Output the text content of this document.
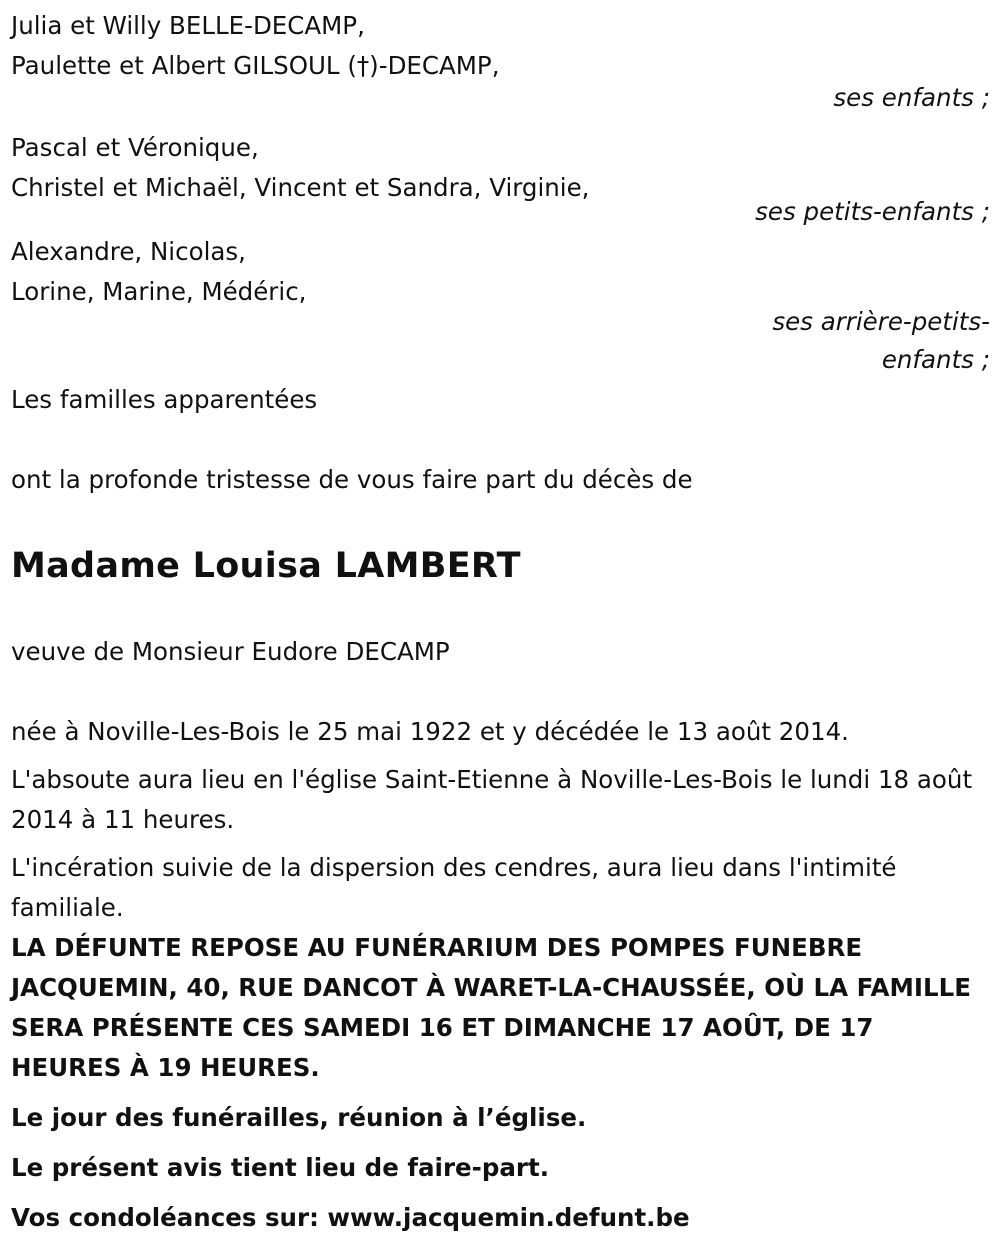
Julia et Willy BELLE-DECAMP,
Paulette et Albert GILSOUL (†)-DECAMP,
ses enfants ;
Pascal et Véronique,
Christel et Michaël, Vincent et Sandra, Virginie,
ses petits-enfants ;
Alexandre, Nicolas,
Lorine, Marine, Médéric,
ses arrière-petits-
enfants ;
Les familles apparentées
ont la profonde tristesse de vous faire part du décès de
Madame Louisa LAMBERT
veuve de Monsieur Eudore DECAMP
née à Noville-Les-Bois le 25 mai 1922 et y décédée le 13 août 2014.
L'absoute aura lieu en l'église Saint-Etienne à Noville-Les-Bois le lundi 18 août 2014 à 11 heures.
L'incération suivie de la dispersion des cendres, aura lieu dans l'intimité familiale.
LA DÉFUNTE REPOSE AU FUNÉRARIUM DES POMPES FUNEBRE JACQUEMIN, 40, RUE DANCOT À WARET-LA-CHAUSSÉE, OÙ LA FAMILLE SERA PRÉSENTE CES SAMEDI 16 ET DIMANCHE 17 AOÛT, DE 17 HEURES À 19 HEURES.
Le jour des funérailles, réunion à l’église.
Le présent avis tient lieu de faire-part.
Vos condoléances sur: www.jacquemin.defunt.be
